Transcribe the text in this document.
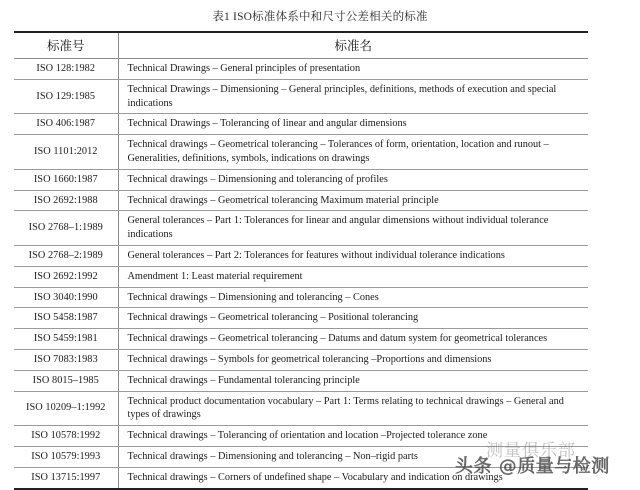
表1 ISO标准体系中和尺寸公差相关的标准
标准号	标准名
ISO 128:1982	Technical Drawings – General principles of presentation
ISO 129:1985	Technical Drawings – Dimensioning – General principles, definitions, methods of execution and special indications
ISO 406:1987	Technical Drawings – Tolerancing of linear and angular dimensions
ISO 1101:2012	Technical drawings – Geometrical tolerancing – Tolerances of form, orientation, location and runout – Generalities, definitions, symbols, indications on drawings
ISO 1660:1987	Technical drawings – Dimensioning and tolerancing of profiles
ISO 2692:1988	Technical drawings – Geometrical tolerancing Maximum material principle
ISO 2768–1:1989	General tolerances – Part 1: Tolerances for linear and angular dimensions without individual tolerance indications
ISO 2768–2:1989	General tolerances – Part 2: Tolerances for features without individual tolerance indications
ISO 2692:1992	Amendment 1: Least material requirement
ISO 3040:1990	Technical drawings – Dimensioning and tolerancing – Cones
ISO 5458:1987	Technical drawings – Geometrical tolerancing – Positional tolerancing
ISO 5459:1981	Technical drawings – Geometrical tolerancing – Datums and datum system for geometrical tolerances
ISO 7083:1983	Technical drawings – Symbols for geometrical tolerancing –Proportions and dimensions
ISO 8015–1985	Technical drawings – Fundamental tolerancing principle
ISO 10209–1:1992	Technical product documentation vocabulary – Part 1: Terms relating to technical drawings – General and types of drawings
ISO 10578:1992	Technical drawings – Tolerancing of orientation and location –Projected tolerance zone
ISO 10579:1993	Technical drawings – Dimensioning and tolerancing – Non–rigid parts
ISO 13715:1997	Technical drawings – Corners of undefined shape – Vocabulary and indication on drawings
测量俱乐部
头条 @质量与检测
